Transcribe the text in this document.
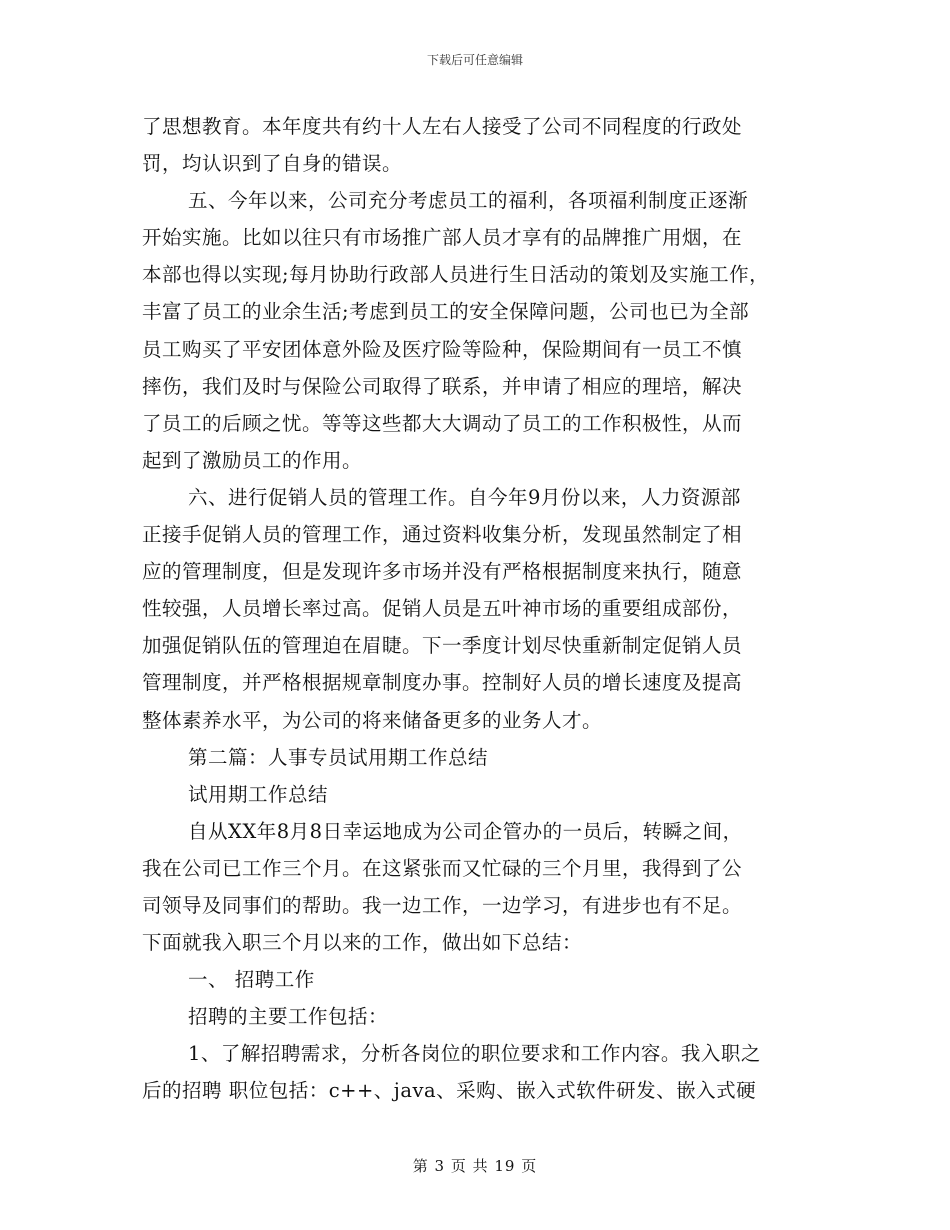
下载后可任意编辑
了思想教育。本年度共有约十人左右人接受了公司不同程度的行政处
罚，均认识到了自身的错误。
五、今年以来，公司充分考虑员工的福利，各项福利制度正逐渐
开始实施。比如以往只有市场推广部人员才享有的品牌推广用烟，在
本部也得以实现;每月协助行政部人员进行生日活动的策划及实施工作，
丰富了员工的业余生活;考虑到员工的安全保障问题，公司也已为全部
员工购买了平安团体意外险及医疗险等险种，保险期间有一员工不慎
摔伤，我们及时与保险公司取得了联系，并申请了相应的理培，解决
了员工的后顾之忧。等等这些都大大调动了员工的工作积极性，从而
起到了激励员工的作用。
六、进行促销人员的管理工作。自今年9月份以来，人力资源部
正接手促销人员的管理工作，通过资料收集分析，发现虽然制定了相
应的管理制度，但是发现许多市场并没有严格根据制度来执行，随意
性较强，人员增长率过高。促销人员是五叶神市场的重要组成部份，
加强促销队伍的管理迫在眉睫。下一季度计划尽快重新制定促销人员
管理制度，并严格根据规章制度办事。控制好人员的增长速度及提高
整体素养水平，为公司的将来储备更多的业务人才。
第二篇：人事专员试用期工作总结
试用期工作总结
自从XX年8月8日幸运地成为公司企管办的一员后，转瞬之间，
我在公司已工作三个月。在这紧张而又忙碌的三个月里，我得到了公
司领导及同事们的帮助。我一边工作，一边学习，有进步也有不足。
下面就我入职三个月以来的工作，做出如下总结：
一、 招聘工作
招聘的主要工作包括：
1、了解招聘需求，分析各岗位的职位要求和工作内容。我入职之
后的招聘 职位包括：c++、java、采购、嵌入式软件研发、嵌入式硬
第 3 页 共 19 页
